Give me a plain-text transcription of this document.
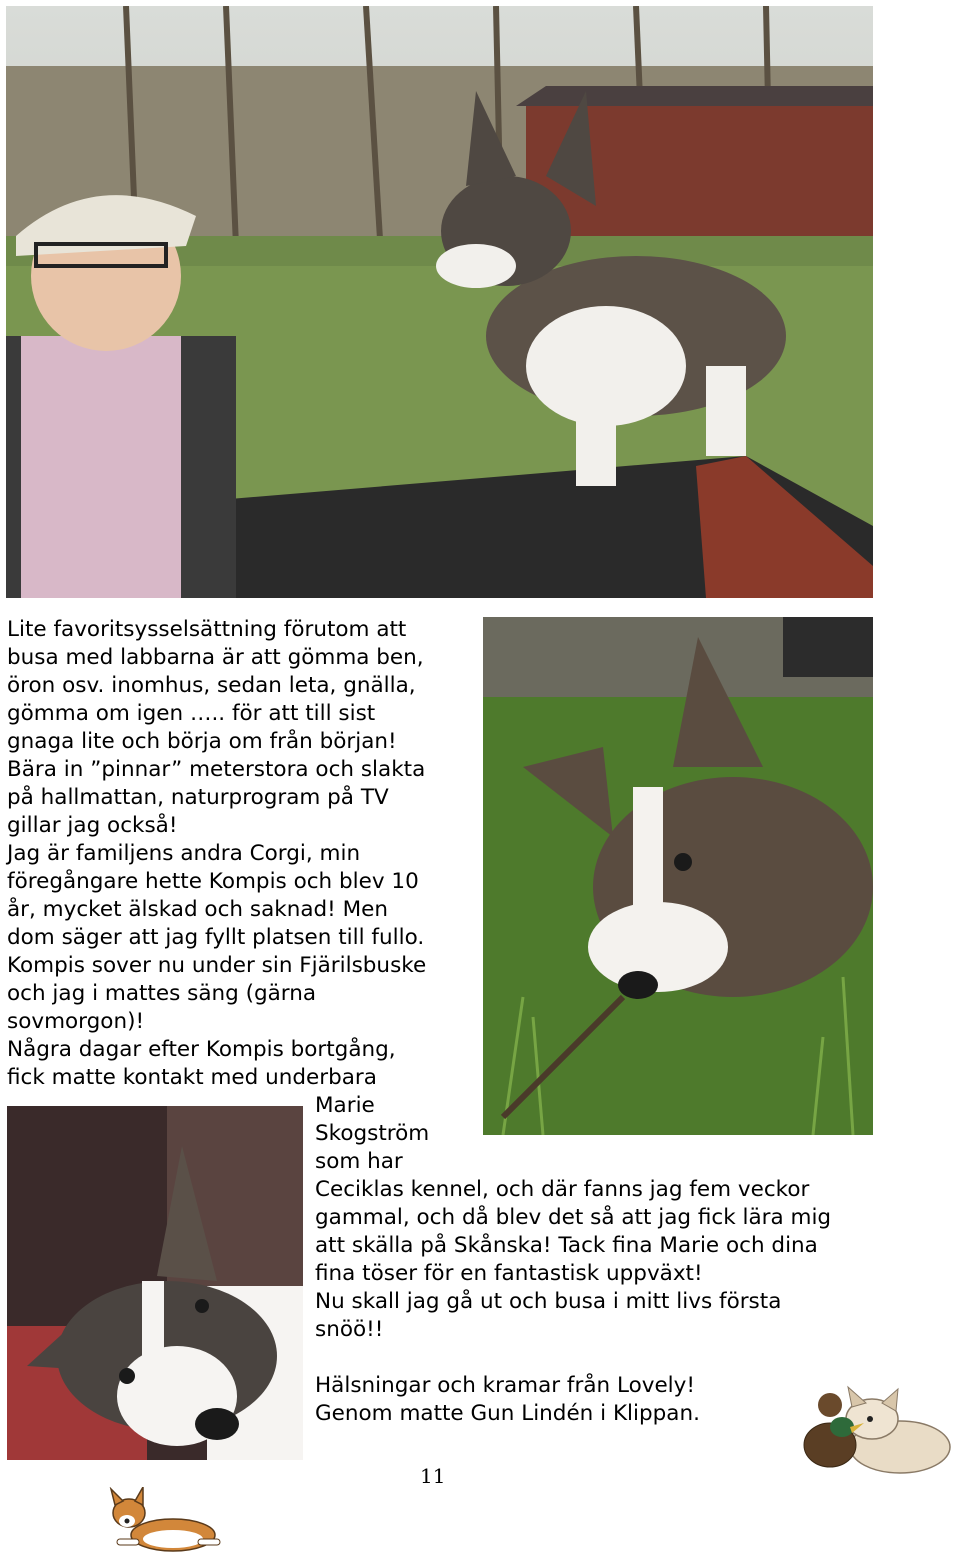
Lite favoritsysselsättning förutom att
busa med labbarna är att gömma ben,
öron osv. inomhus, sedan leta, gnälla,
gömma om igen ….. för att till sist
gnaga lite och börja om från början!
Bära in ”pinnar” meterstora och slakta
på hallmattan, naturprogram på TV
gillar jag också!
Jag är familjens andra Corgi, min
föregångare hette Kompis och blev 10
år, mycket älskad och saknad! Men
dom säger att jag fyllt platsen till fullo.
Kompis sover nu under sin Fjärilsbuske
och jag i mattes säng (gärna
sovmorgon)!
Några dagar efter Kompis bortgång,
fick matte kontakt med underbara
Marie
Skogström
som har
Ceciklas kennel, och där fanns jag fem veckor
gammal, och då blev det så att jag fick lära mig
att skälla på Skånska! Tack fina Marie och dina
fina töser för en fantastisk uppväxt!
Nu skall jag gå ut och busa i mitt livs första
snöö!!
Hälsningar och kramar från Lovely!
Genom matte Gun Lindén i Klippan.
11
